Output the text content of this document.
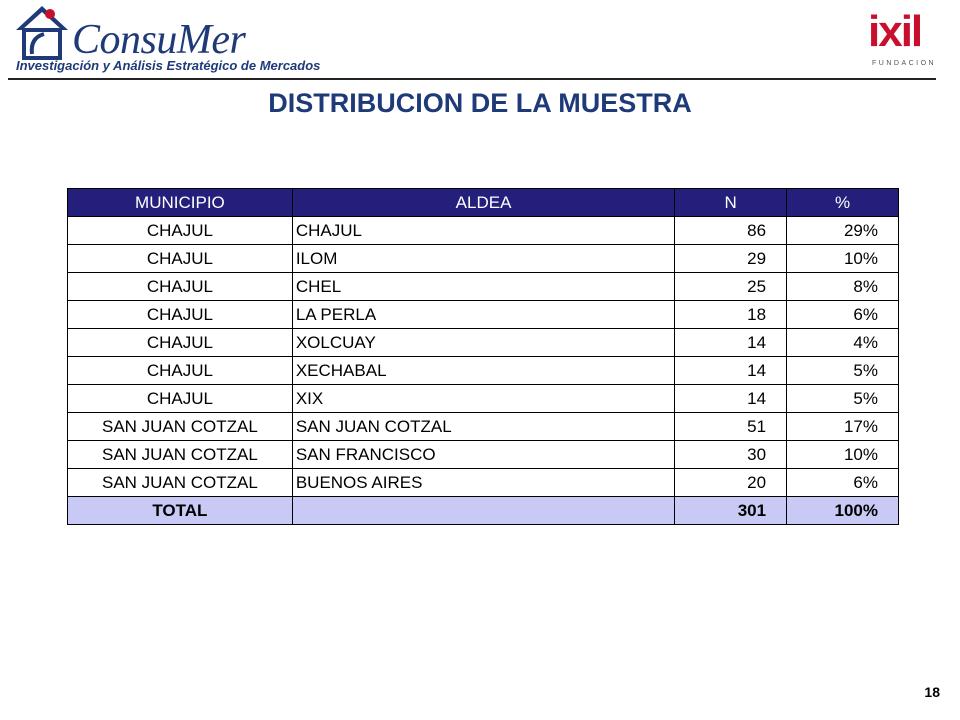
ConsuMer
Investigación y Análisis Estratégico de Mercados
ixil
FUNDACION
DISTRIBUCION DE LA MUESTRA
MUNICIPIO	ALDEA	N	%
CHAJUL	CHAJUL	86	29%
CHAJUL	ILOM	29	10%
CHAJUL	CHEL	25	8%
CHAJUL	LA PERLA	18	6%
CHAJUL	XOLCUAY	14	4%
CHAJUL	XECHABAL	14	5%
CHAJUL	XIX	14	5%
SAN JUAN COTZAL	SAN JUAN COTZAL	51	17%
SAN JUAN COTZAL	SAN FRANCISCO	30	10%
SAN JUAN COTZAL	BUENOS AIRES	20	6%
TOTAL		301	100%
18
